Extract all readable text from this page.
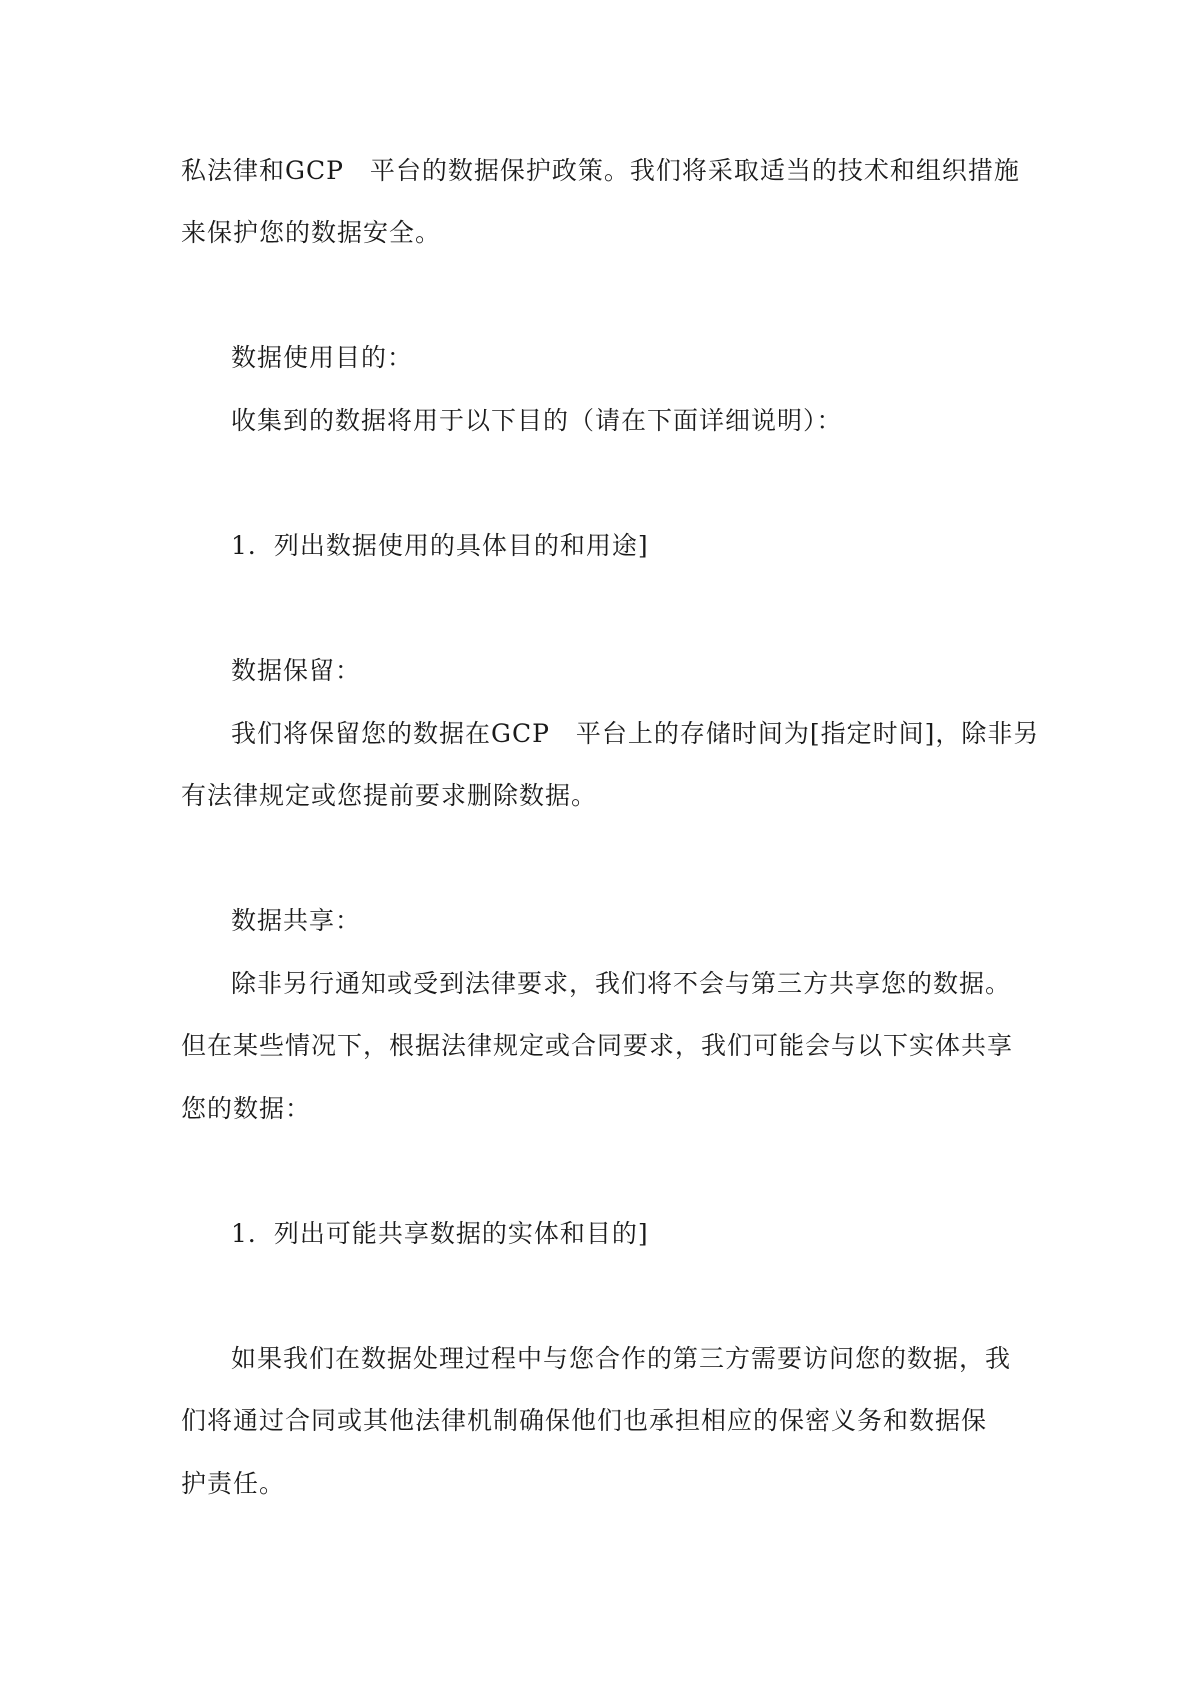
私法律和GCP　平台的数据保护政策。我们将采取适当的技术和组织措施
来保护您的数据安全。
数据使用目的：
收集到的数据将用于以下目的（请在下面详细说明）：
1．列出数据使用的具体目的和用途]
数据保留：
我们将保留您的数据在GCP　平台上的存储时间为[指定时间]，除非另
有法律规定或您提前要求删除数据。
数据共享：
除非另行通知或受到法律要求，我们将不会与第三方共享您的数据。
但在某些情况下，根据法律规定或合同要求，我们可能会与以下实体共享
您的数据：
1．列出可能共享数据的实体和目的]
如果我们在数据处理过程中与您合作的第三方需要访问您的数据，我
们将通过合同或其他法律机制确保他们也承担相应的保密义务和数据保
护责任。
